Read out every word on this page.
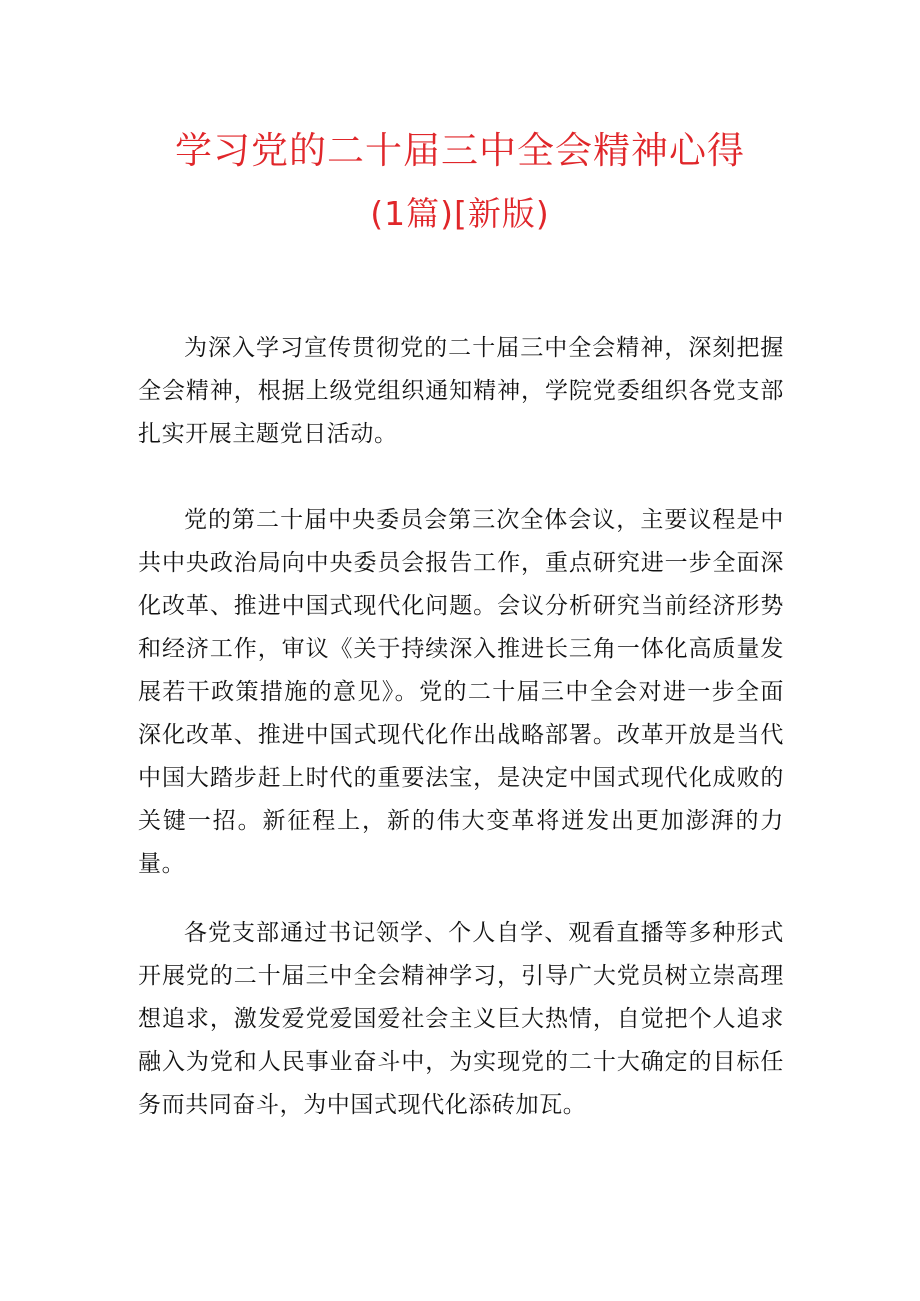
学习党的二十届三中全会精神心得
(1篇)[新版)

为深入学习宣传贯彻党的二十届三中全会精神，深刻把握全会精神，根据上级党组织通知精神，学院党委组织各党支部扎实开展主题党日活动。

党的第二十届中央委员会第三次全体会议，主要议程是中共中央政治局向中央委员会报告工作，重点研究进一步全面深化改革、推进中国式现代化问题。会议分析研究当前经济形势和经济工作，审议《关于持续深入推进长三角一体化高质量发展若干政策措施的意见》。党的二十届三中全会对进一步全面深化改革、推进中国式现代化作出战略部署。改革开放是当代中国大踏步赶上时代的重要法宝，是决定中国式现代化成败的关键一招。新征程上，新的伟大变革将迸发出更加澎湃的力量。

各党支部通过书记领学、个人自学、观看直播等多种形式开展党的二十届三中全会精神学习，引导广大党员树立崇高理想追求，激发爱党爱国爱社会主义巨大热情，自觉把个人追求融入为党和人民事业奋斗中，为实现党的二十大确定的目标任务而共同奋斗，为中国式现代化添砖加瓦。
